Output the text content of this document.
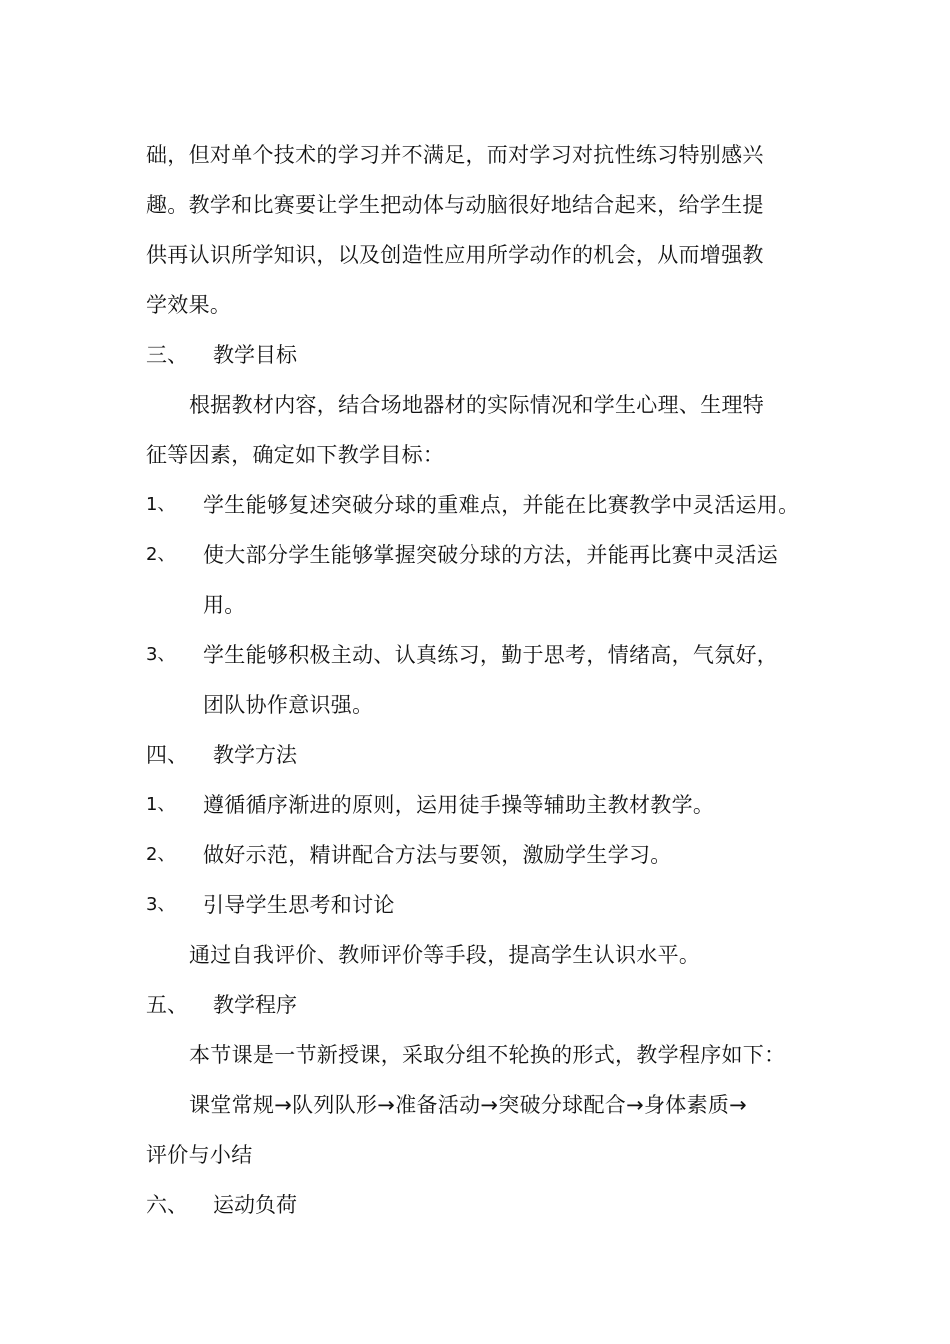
础，但对单个技术的学习并不满足，而对学习对抗性练习特别感兴
趣。教学和比赛要让学生把动体与动脑很好地结合起来，给学生提
供再认识所学知识，以及创造性应用所学动作的机会，从而增强教
学效果。
三、 教学目标
根据教材内容，结合场地器材的实际情况和学生心理、生理特
征等因素，确定如下教学目标：
1、 学生能够复述突破分球的重难点，并能在比赛教学中灵活运用。
2、 使大部分学生能够掌握突破分球的方法，并能再比赛中灵活运
用。
3、 学生能够积极主动、认真练习，勤于思考，情绪高，气氛好，
团队协作意识强。
四、 教学方法
1、 遵循循序渐进的原则，运用徒手操等辅助主教材教学。
2、 做好示范，精讲配合方法与要领，激励学生学习。
3、 引导学生思考和讨论
通过自我评价、教师评价等手段，提高学生认识水平。
五、 教学程序
本节课是一节新授课，采取分组不轮换的形式，教学程序如下：
课堂常规→队列队形→准备活动→突破分球配合→身体素质→
评价与小结
六、 运动负荷
